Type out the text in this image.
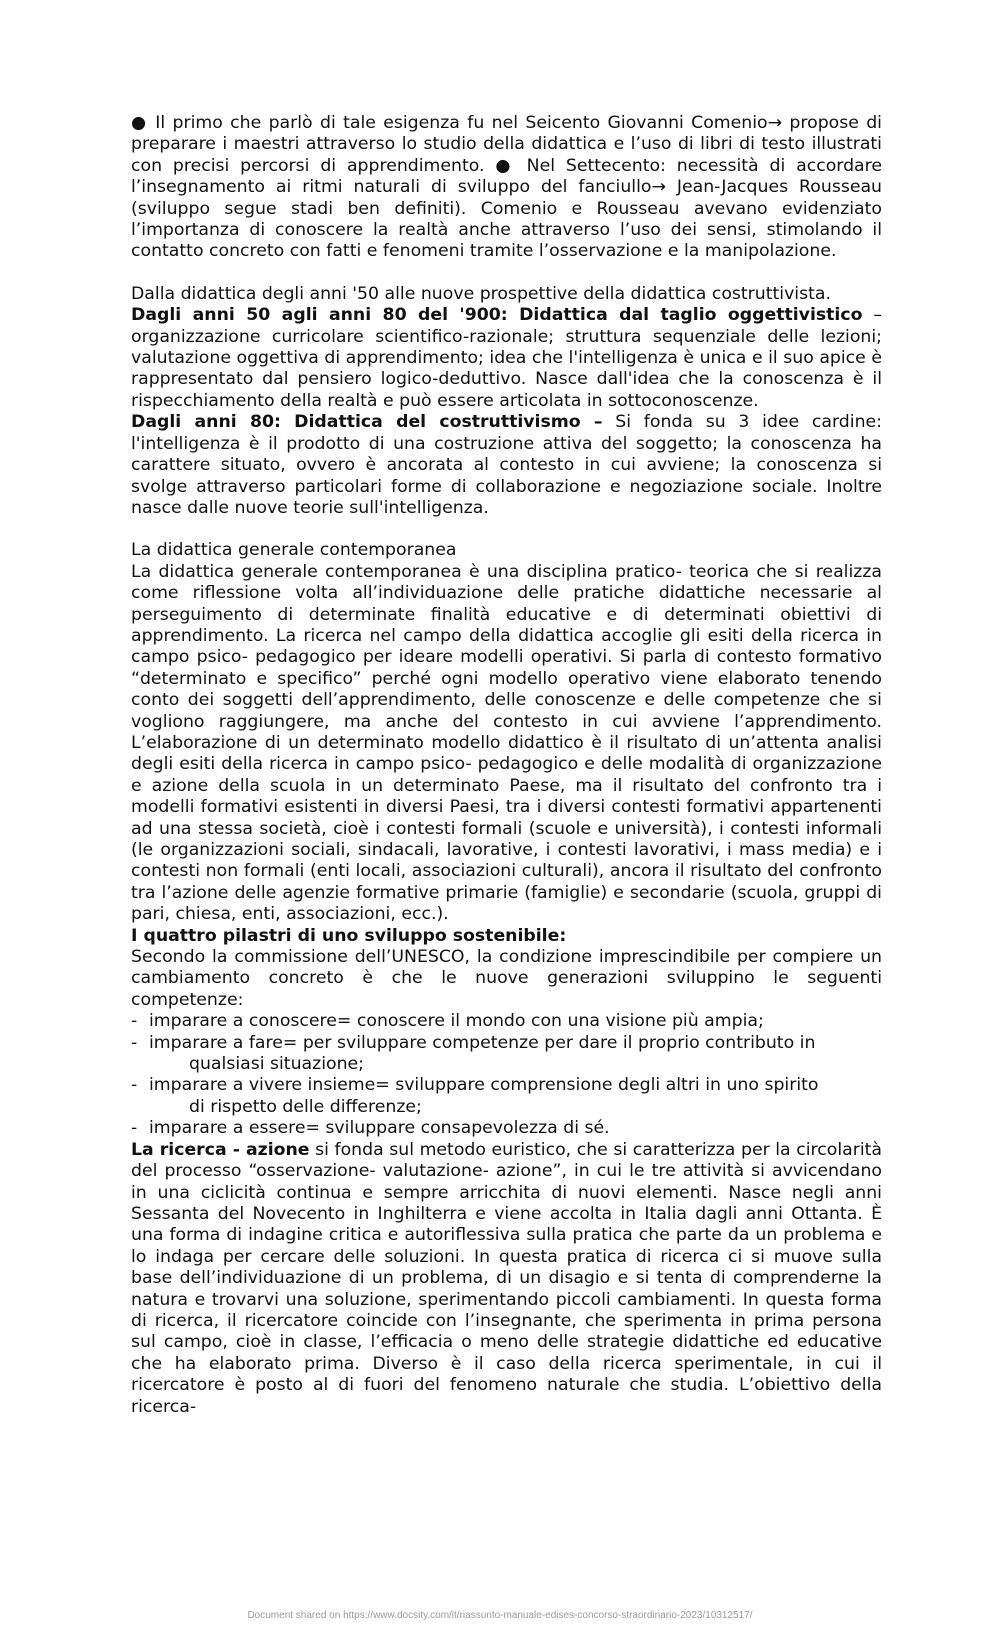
● Il primo che parlò di tale esigenza fu nel Seicento Giovanni Comenio→ propose di preparare i maestri attraverso lo studio della didattica e l’uso di libri di testo illustrati con precisi percorsi di apprendimento. ● Nel Settecento: necessità di accordare l’insegnamento ai ritmi naturali di sviluppo del fanciullo→ Jean-Jacques Rousseau (sviluppo segue stadi ben definiti). Comenio e Rousseau avevano evidenziato l’importanza di conoscere la realtà anche attraverso l’uso dei sensi, stimolando il contatto concreto con fatti e fenomeni tramite l’osservazione e la manipolazione.

Dalla didattica degli anni '50 alle nuove prospettive della didattica costruttivista.

Dagli anni 50 agli anni 80 del '900: Didattica dal taglio oggettivistico – organizzazione curricolare scientifico-razionale; struttura sequenziale delle lezioni; valutazione oggettiva di apprendimento; idea che l'intelligenza è unica e il suo apice è rappresentato dal pensiero logico-deduttivo. Nasce dall'idea che la conoscenza è il rispecchiamento della realtà e può essere articolata in sottoconoscenze.

Dagli anni 80: Didattica del costruttivismo – Si fonda su 3 idee cardine: l'intelligenza è il prodotto di una costruzione attiva del soggetto; la conoscenza ha carattere situato, ovvero è ancorata al contesto in cui avviene; la conoscenza si svolge attraverso particolari forme di collaborazione e negoziazione sociale. Inoltre nasce dalle nuove teorie sull'intelligenza.

La didattica generale contemporanea

La didattica generale contemporanea è una disciplina pratico- teorica che si realizza come riflessione volta all’individuazione delle pratiche didattiche necessarie al perseguimento di determinate finalità educative e di determinati obiettivi di apprendimento. La ricerca nel campo della didattica accoglie gli esiti della ricerca in campo psico- pedagogico per ideare modelli operativi. Si parla di contesto formativo “determinato e specifico” perché ogni modello operativo viene elaborato tenendo conto dei soggetti dell’apprendimento, delle conoscenze e delle competenze che si vogliono raggiungere, ma anche del contesto in cui avviene l’apprendimento. L’elaborazione di un determinato modello didattico è il risultato di un’attenta analisi degli esiti della ricerca in campo psico- pedagogico e delle modalità di organizzazione e azione della scuola in un determinato Paese, ma il risultato del confronto tra i modelli formativi esistenti in diversi Paesi, tra i diversi contesti formativi appartenenti ad una stessa società, cioè i contesti formali (scuole e università), i contesti informali (le organizzazioni sociali, sindacali, lavorative, i contesti lavorativi, i mass media) e i contesti non formali (enti locali, associazioni culturali), ancora il risultato del confronto tra l’azione delle agenzie formative primarie (famiglie) e secondarie (scuola, gruppi di pari, chiesa, enti, associazioni, ecc.).

I quattro pilastri di uno sviluppo sostenibile:

Secondo la commissione dell’UNESCO, la condizione imprescindibile per compiere un cambiamento concreto è che le nuove generazioni sviluppino le seguenti competenze:

- imparare a conoscere= conoscere il mondo con una visione più ampia;
- imparare a fare= per sviluppare competenze per dare il proprio contributo in
qualsiasi situazione;
- imparare a vivere insieme= sviluppare comprensione degli altri in uno spirito
di rispetto delle differenze;
- imparare a essere= sviluppare consapevolezza di sé.

La ricerca - azione si fonda sul metodo euristico, che si caratterizza per la circolarità del processo “osservazione- valutazione- azione”, in cui le tre attività si avvicendano in una ciclicità continua e sempre arricchita di nuovi elementi. Nasce negli anni Sessanta del Novecento in Inghilterra e viene accolta in Italia dagli anni Ottanta. È una forma di indagine critica e autoriflessiva sulla pratica che parte da un problema e lo indaga per cercare delle soluzioni. In questa pratica di ricerca ci si muove sulla base dell’individuazione di un problema, di un disagio e si tenta di comprenderne la natura e trovarvi una soluzione, sperimentando piccoli cambiamenti. In questa forma di ricerca, il ricercatore coincide con l’insegnante, che sperimenta in prima persona sul campo, cioè in classe, l’efficacia o meno delle strategie didattiche ed educative che ha elaborato prima. Diverso è il caso della ricerca sperimentale, in cui il ricercatore è posto al di fuori del fenomeno naturale che studia. L’obiettivo della ricerca-

Document shared on https://www.docsity.com/it/riassunto-manuale-edises-concorso-straordinario-2023/10312517/
